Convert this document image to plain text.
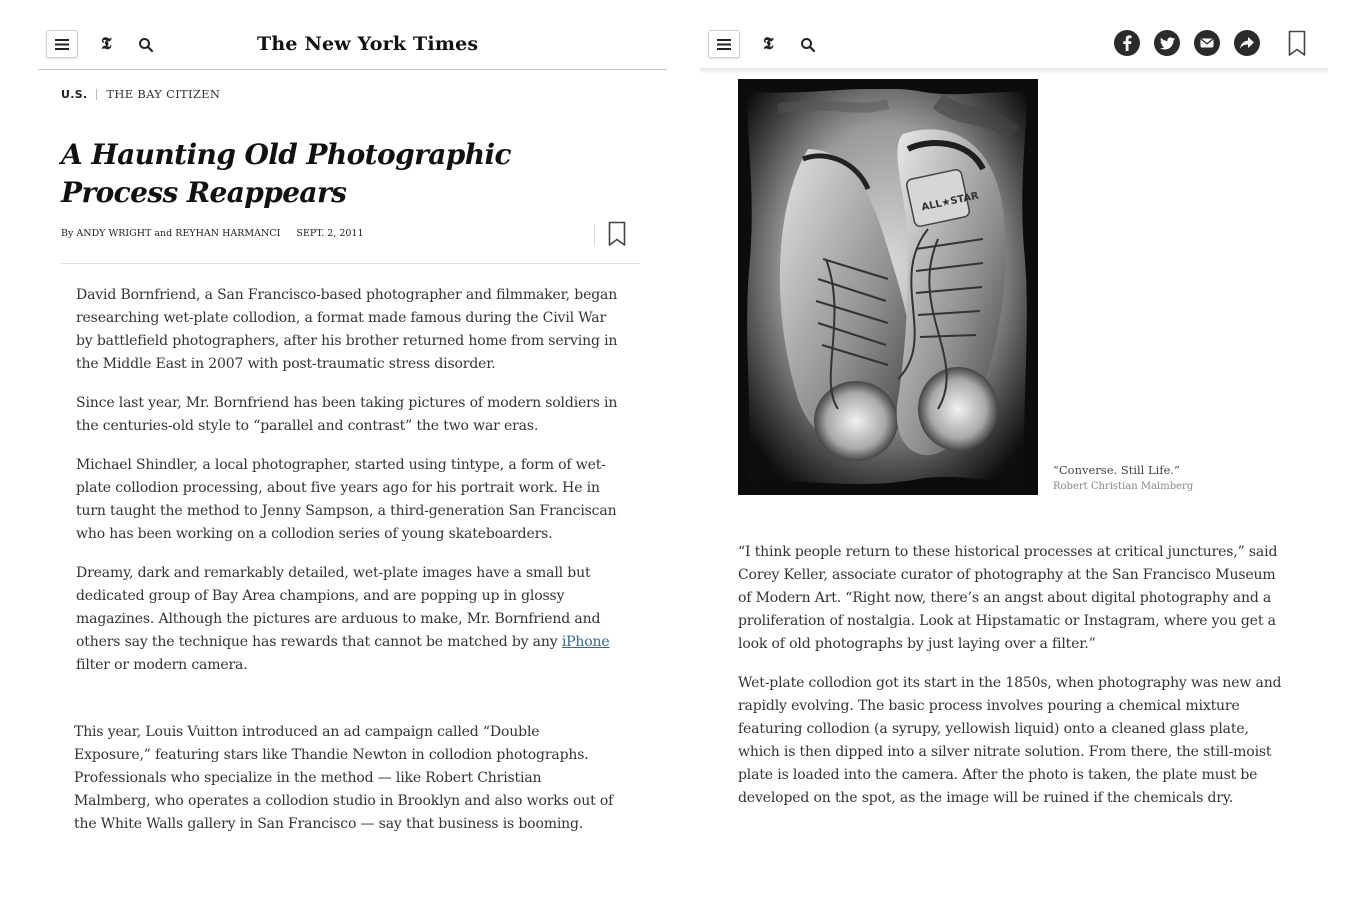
𝕿	The New York Times
U.S. THE BAY CITIZEN
A Haunting Old Photographic
Process Reappears
By ANDY WRIGHT and REYHAN HARMANCI SEPT. 2, 2011

David Bornfriend, a San Francisco-based photographer and filmmaker, began researching wet-plate collodion, a format made famous during the Civil War by battlefield photographers, after his brother returned home from serving in the Middle East in 2007 with post-traumatic stress disorder.

Since last year, Mr. Bornfriend has been taking pictures of modern soldiers in the centuries-old style to “parallel and contrast” the two war eras.

Michael Shindler, a local photographer, started using tintype, a form of wet-plate collodion processing, about five years ago for his portrait work. He in turn taught the method to Jenny Sampson, a third-generation San Franciscan who has been working on a collodion series of young skateboarders.

Dreamy, dark and remarkably detailed, wet-plate images have a small but dedicated group of Bay Area champions, and are popping up in glossy magazines. Although the pictures are arduous to make, Mr. Bornfriend and others say the technique has rewards that cannot be matched by any iPhone filter or modern camera.

This year, Louis Vuitton introduced an ad campaign called “Double Exposure,” featuring stars like Thandie Newton in collodion photographs. Professionals who specialize in the method — like Robert Christian Malmberg, who operates a collodion studio in Brooklyn and also works out of the White Walls gallery in San Francisco — say that business is booming.

𝕿
ALL★STAR
“Converse. Still Life.”
Robert Christian Malmberg

“I think people return to these historical processes at critical junctures,” said Corey Keller, associate curator of photography at the San Francisco Museum of Modern Art. “Right now, there’s an angst about digital photography and a proliferation of nostalgia. Look at Hipstamatic or Instagram, where you get a look of old photographs by just laying over a filter.”

Wet-plate collodion got its start in the 1850s, when photography was new and rapidly evolving. The basic process involves pouring a chemical mixture featuring collodion (a syrupy, yellowish liquid) onto a cleaned glass plate, which is then dipped into a silver nitrate solution. From there, the still-moist plate is loaded into the camera. After the photo is taken, the plate must be developed on the spot, as the image will be ruined if the chemicals dry.
